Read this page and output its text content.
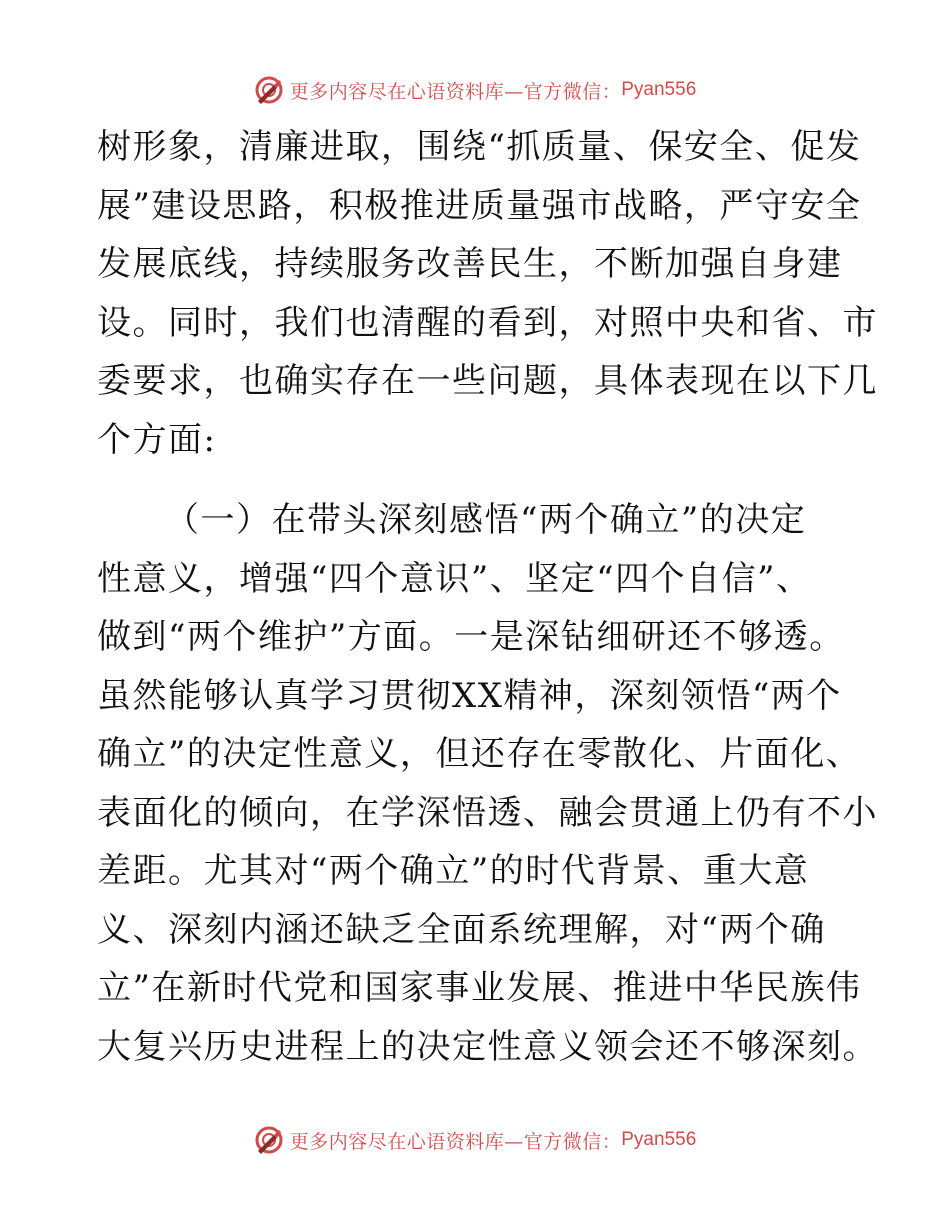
更多内容尽在心语资料库—官方微信： Pyan556
树形象，清廉进取，围绕“抓质量、保安全、促发
展”建设思路，积极推进质量强市战略，严守安全
发展底线，持续服务改善民生，不断加强自身建
设。同时，我们也清醒的看到，对照中央和省、市
委要求，也确实存在一些问题，具体表现在以下几
个方面:
（一）在带头深刻感悟“两个确立”的决定
性意义，增强“四个意识”、坚定“四个自信”、
做到“两个维护”方面。一是深钻细研还不够透。
虽然能够认真学习贯彻XX精神，深刻领悟“两个
确立”的决定性意义，但还存在零散化、片面化、
表面化的倾向，在学深悟透、融会贯通上仍有不小
差距。尤其对“两个确立”的时代背景、重大意
义、深刻内涵还缺乏全面系统理解，对“两个确
立”在新时代党和国家事业发展、推进中华民族伟
大复兴历史进程上的决定性意义领会还不够深刻。
更多内容尽在心语资料库—官方微信： Pyan556
